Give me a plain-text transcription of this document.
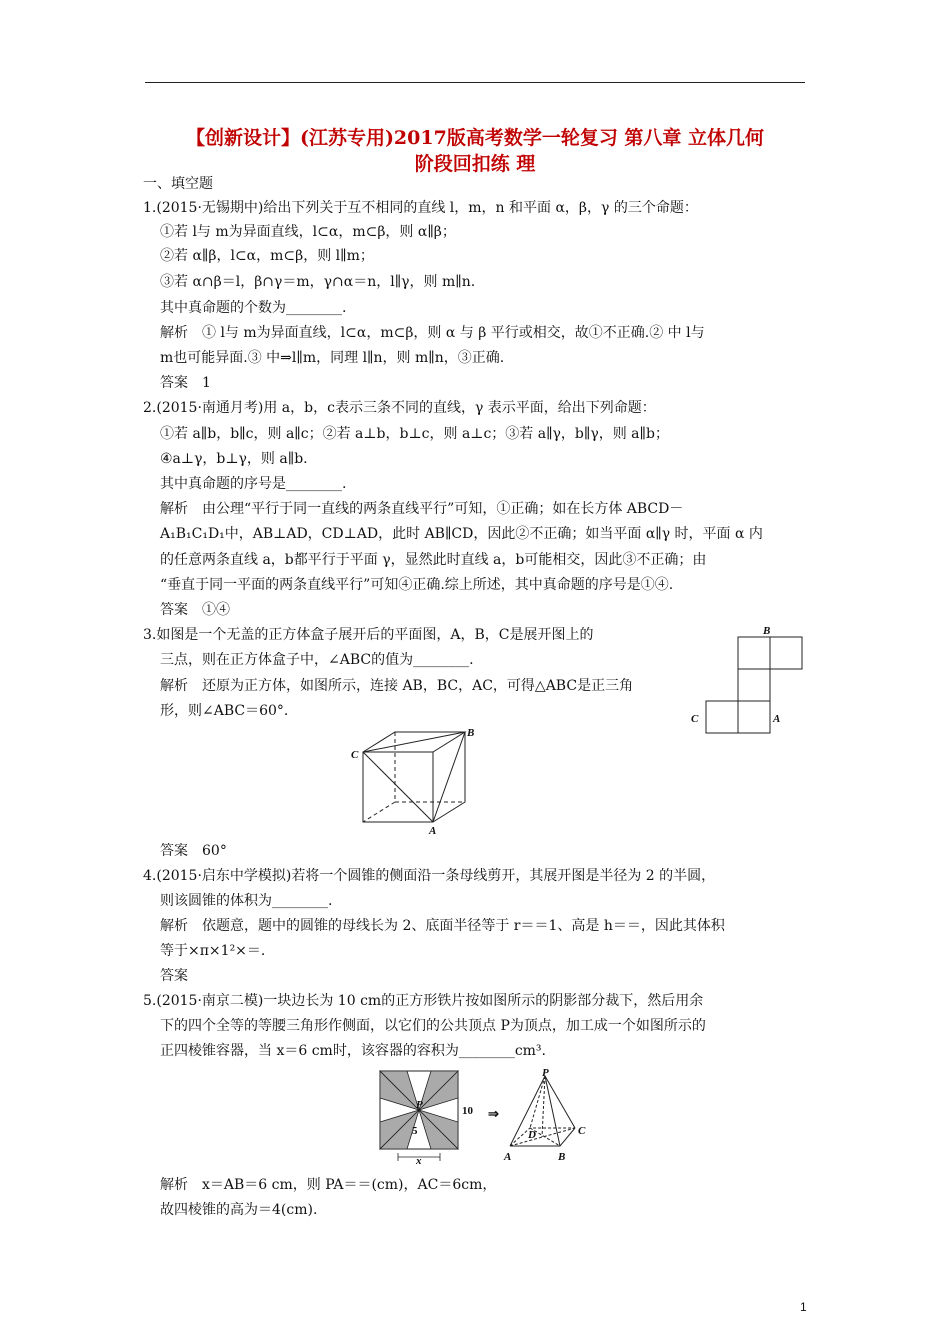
【创新设计】(江苏专用)2017版高考数学一轮复习 第八章 立体几何
阶段回扣练 理
一、填空题
1.(2015·无锡期中)给出下列关于互不相同的直线 l，m，n 和平面 α，β，γ 的三个命题：
①若 l与 m为异面直线，l⊂α，m⊂β，则 α∥β；
②若 α∥β，l⊂α，m⊂β，则 l∥m；
③若 α∩β＝l，β∩γ＝m，γ∩α＝n，l∥γ，则 m∥n.
其中真命题的个数为________.
解析　① l与 m为异面直线，l⊂α，m⊂β，则 α 与 β 平行或相交，故①不正确.② 中 l与
m也可能异面.③ 中⇒l∥m，同理 l∥n，则 m∥n，③正确.
答案　1
2.(2015·南通月考)用 a，b，c表示三条不同的直线，γ 表示平面，给出下列命题：
①若 a∥b，b∥c，则 a∥c；②若 a⊥b，b⊥c，则 a⊥c；③若 a∥γ，b∥γ，则 a∥b；
④a⊥γ，b⊥γ，则 a∥b.
其中真命题的序号是________.
解析　由公理“平行于同一直线的两条直线平行”可知，①正确；如在长方体 ABCD－
A₁B₁C₁D₁中，AB⊥AD，CD⊥AD，此时 AB∥CD，因此②不正确；如当平面 α∥γ 时，平面 α 内
的任意两条直线 a，b都平行于平面 γ，显然此时直线 a，b可能相交，因此③不正确；由
“垂直于同一平面的两条直线平行”可知④正确.综上所述，其中真命题的序号是①④.
答案　①④
3.如图是一个无盖的正方体盒子展开后的平面图，A，B，C是展开图上的
三点，则在正方体盒子中，∠ABC的值为________.
解析　还原为正方体，如图所示，连接 AB，BC，AC，可得△ABC是正三角
形，则∠ABC＝60°.
B
C	A
B
C
A
答案　60°
4.(2015·启东中学模拟)若将一个圆锥的侧面沿一条母线剪开，其展开图是半径为 2 的半圆，
则该圆锥的体积为________.
解析　依题意，题中的圆锥的母线长为 2、底面半径等于 r＝＝1、高是 h＝＝，因此其体积
等于×π×1²×＝.
答案
5.(2015·南京二模)一块边长为 10 cm的正方形铁片按如图所示的阴影部分裁下，然后用余
下的四个全等的等腰三角形作侧面，以它们的公共顶点 P为顶点，加工成一个如图所示的
正四棱锥容器，当 x＝6 cm时，该容器的容积为________cm³.
P	10
5
x
⇒
P
D	C
A	B
解析　x＝AB＝6 cm，则 PA＝＝(cm)，AC＝6cm，
故四棱锥的高为＝4(cm).
1
